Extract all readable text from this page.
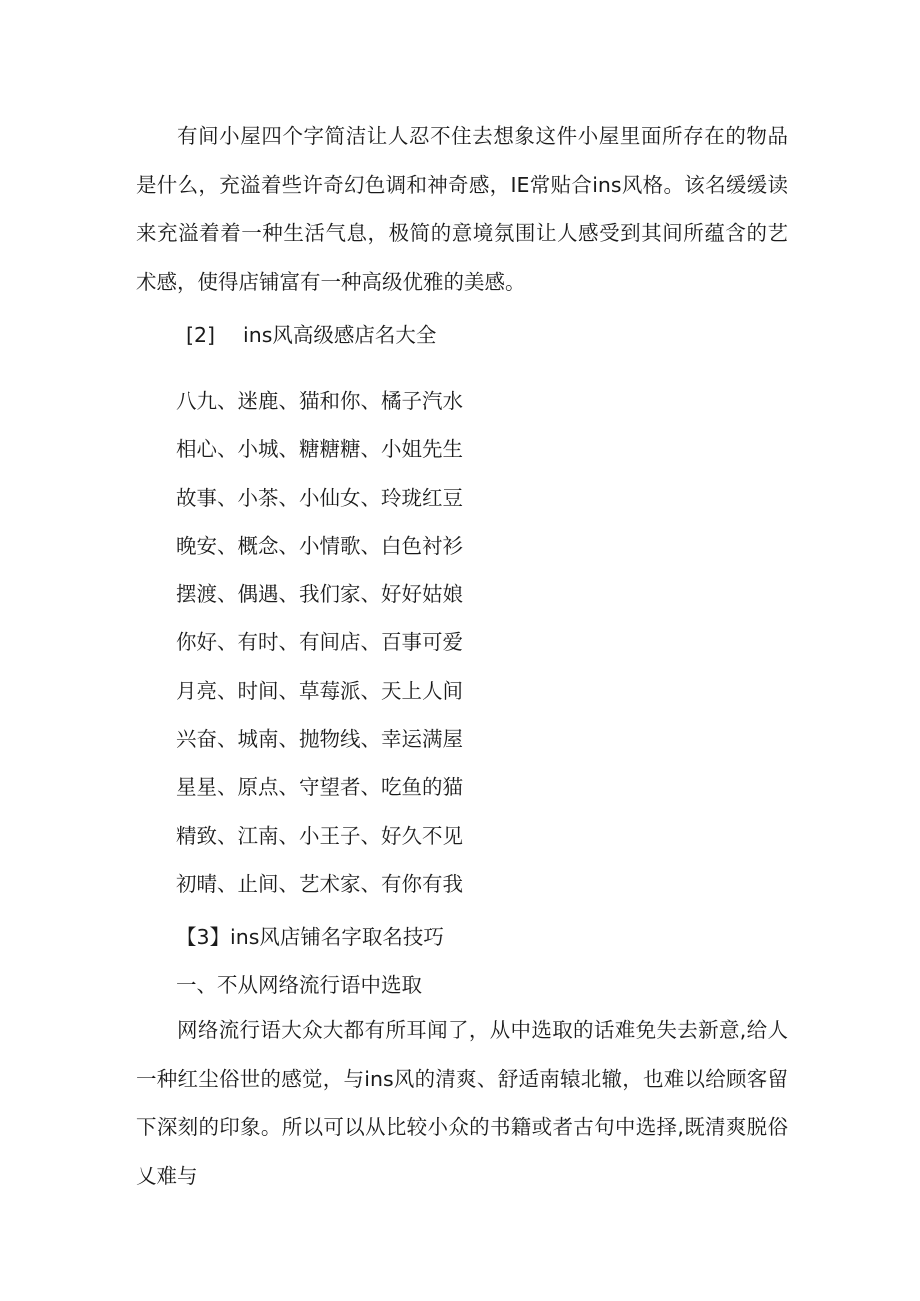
有间小屋四个字简洁让人忍不住去想象这件小屋里面所存在的物品是什么，充溢着些许奇幻色调和神奇感，IE常贴合ins风格。该名缓缓读来充溢着着一种生活气息，极简的意境氛围让人感受到其间所蕴含的艺术感，使得店铺富有一种高级优雅的美感。

[2] ins风高级感店名大全
八九、迷鹿、猫和你、橘子汽水
相心、小城、糖糖糖、小姐先生
故事、小茶、小仙女、玲珑红豆
晚安、概念、小情歌、白色衬衫
摆渡、偶遇、我们家、好好姑娘
你好、有时、有间店、百事可爱
月亮、时间、草莓派、天上人间
兴奋、城南、抛物线、幸运满屋
星星、原点、守望者、吃鱼的猫
精致、江南、小王子、好久不见
初晴、止间、艺术家、有你有我
【3】ins风店铺名字取名技巧
一、不从网络流行语中选取

网络流行语大众大都有所耳闻了，从中选取的话难免失去新意,给人一种红尘俗世的感觉，与ins风的清爽、舒适南辕北辙，也难以给顾客留下深刻的印象。所以可以从比较小众的书籍或者古句中选择,既清爽脱俗乂难与
